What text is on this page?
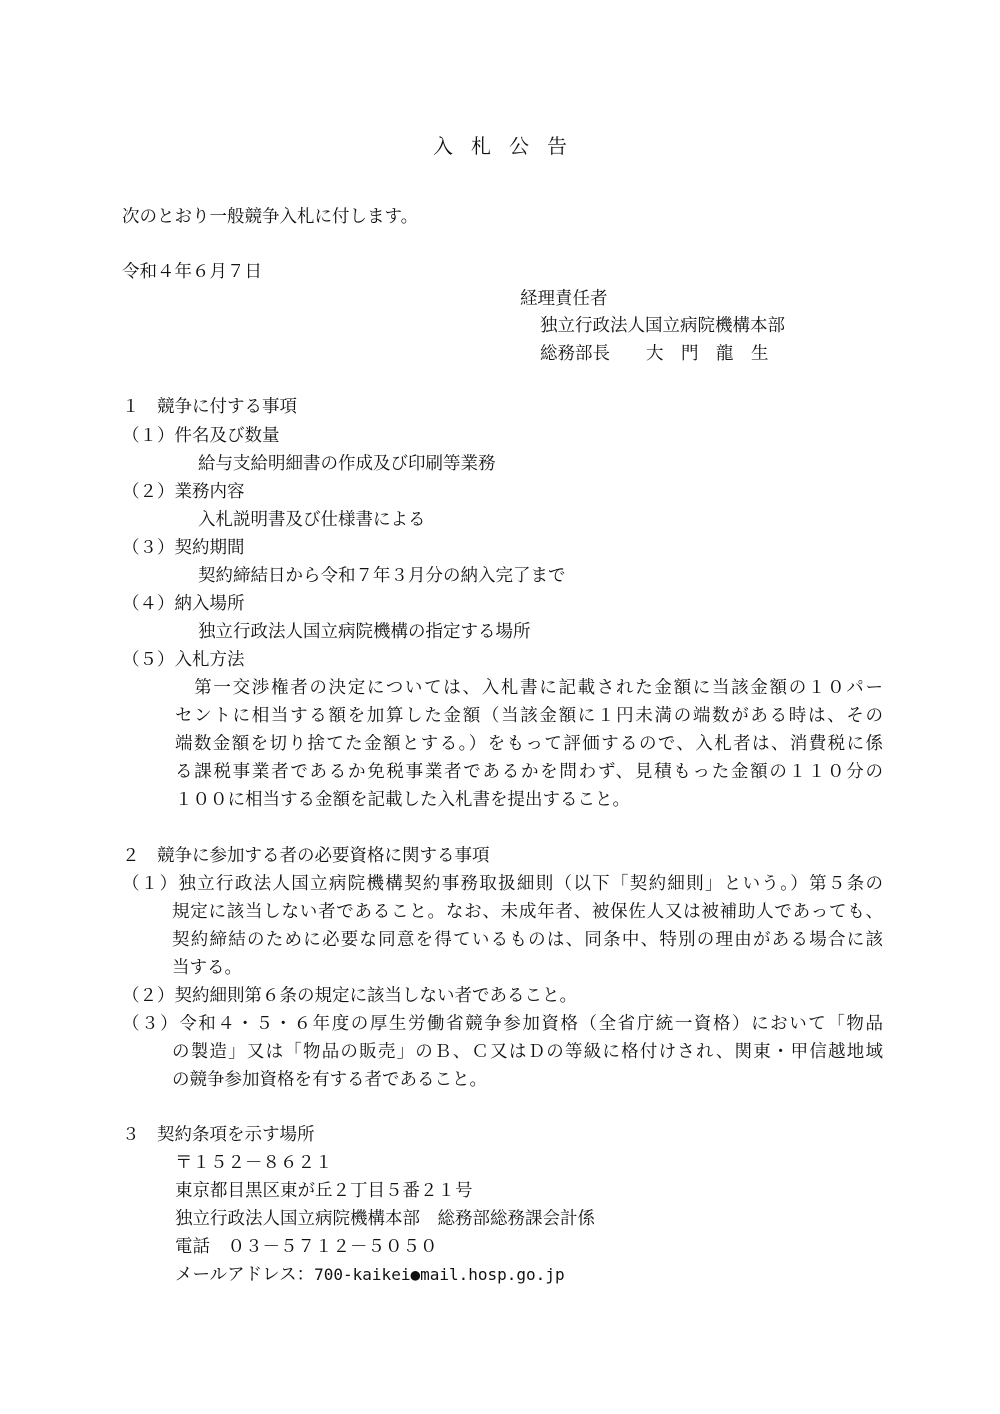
入札公告
次のとおり一般競争入札に付します。
令和４年６月７日
経理責任者
独立行政法人国立病院機構本部
総務部長 大　門　龍　生
１　競争に付する事項
（１）件名及び数量
給与支給明細書の作成及び印刷等業務
（２）業務内容
入札説明書及び仕様書による
（３）契約期間
契約締結日から令和７年３月分の納入完了まで
（４）納入場所
独立行政法人国立病院機構の指定する場所
（５）入札方法
　第一交渉権者の決定については、入札書に記載された金額に当該金額の１０パー
セントに相当する額を加算した金額（当該金額に１円未満の端数がある時は、その
端数金額を切り捨てた金額とする。）をもって評価するので、入札者は、消費税に係
る課税事業者であるか免税事業者であるかを問わず、見積もった金額の１１０分の
１００に相当する金額を記載した入札書を提出すること。
２　競争に参加する者の必要資格に関する事項
（１）独立行政法人国立病院機構契約事務取扱細則（以下「契約細則」という。）第５条の
規定に該当しない者であること。なお、未成年者、被保佐人又は被補助人であっても、
契約締結のために必要な同意を得ているものは、同条中、特別の理由がある場合に該
当する。
（２）契約細則第６条の規定に該当しない者であること。
（３）令和４・５・６年度の厚生労働省競争参加資格（全省庁統一資格）において「物品
の製造」又は「物品の販売」のＢ、Ｃ又はＤの等級に格付けされ、関東・甲信越地域
の競争参加資格を有する者であること。
３　契約条項を示す場所
〒１５２－８６２１
東京都目黒区東が丘２丁目５番２１号
独立行政法人国立病院機構本部　総務部総務課会計係
電話　０３－５７１２－５０５０
メールアドレス：700-kaikei●mail.hosp.go.jp
